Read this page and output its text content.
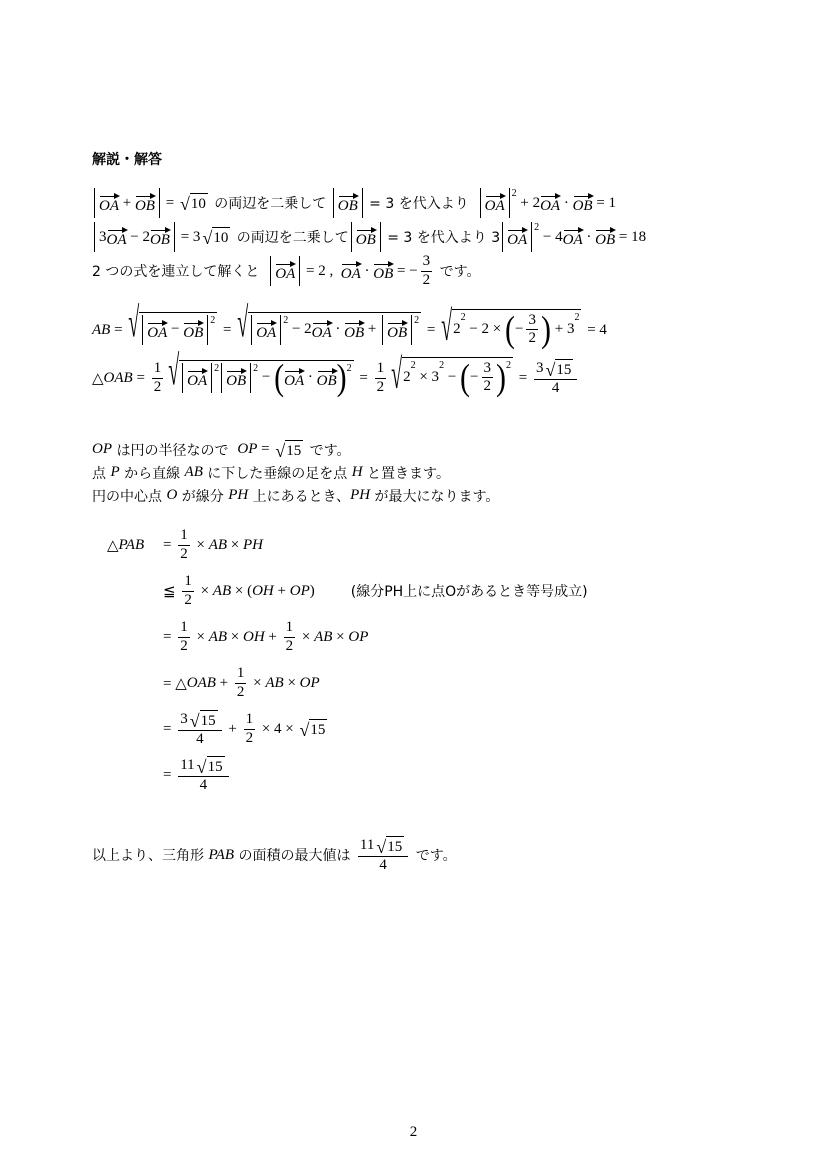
解説・解答
OA + OB = √ 10 の両辺を二乗して OB = 3 を代入より OA
2
+ 2 OA · OB = 1
3 OA − 2 OB = 3 √ 10 の両辺を二乗して OB = 3 を代入より 3 OA
2
− 4 OA · OB = 18
2 つの式を連立して解くと OA = 2 , OA · OB = − $\frac{3}{2}$ です。
AB = √ OA − OB
2
= √ OA
2
− 2 OA · OB + OB
2
= √ 2
2
− 2 × ( − $\frac{3}{2}$ ) + 3
2
= 4
△ OAB = $\frac{1}{2}$ √ OA
2
OB
2
− ( OA · OB ) 2
= $\frac{1}{2}$ √ 2
2
× 3
2
− ( − $\frac{3}{2}$ ) 2
= $\frac{3 √ 15}{4}$
OP は円の半径なので OP = √ 15 です。
点 P から直線 AB に下した垂線の足を点 H と置きます。
円の中心点 O が線分 PH 上にあるとき、 PH が最大になります。
△ PAB = $\frac{1}{2}$ × AB × PH
≦ $\frac{1}{2}$ × AB × ( OH + OP )	(線分PH上に点Oがあるとき等号成立)
= $\frac{1}{2}$ × AB × OH + $\frac{1}{2}$ × AB × OP
= △ OAB + $\frac{1}{2}$ × AB × OP
= $\frac{3 √ 15}{4} + \frac{1}{2} \times 4$ × √ 15
= $\frac{11 √ 15}{4}$
以上より、三角形 PAB の面積の最大値は $\frac{11 √ 15}{4}$ です。
2
